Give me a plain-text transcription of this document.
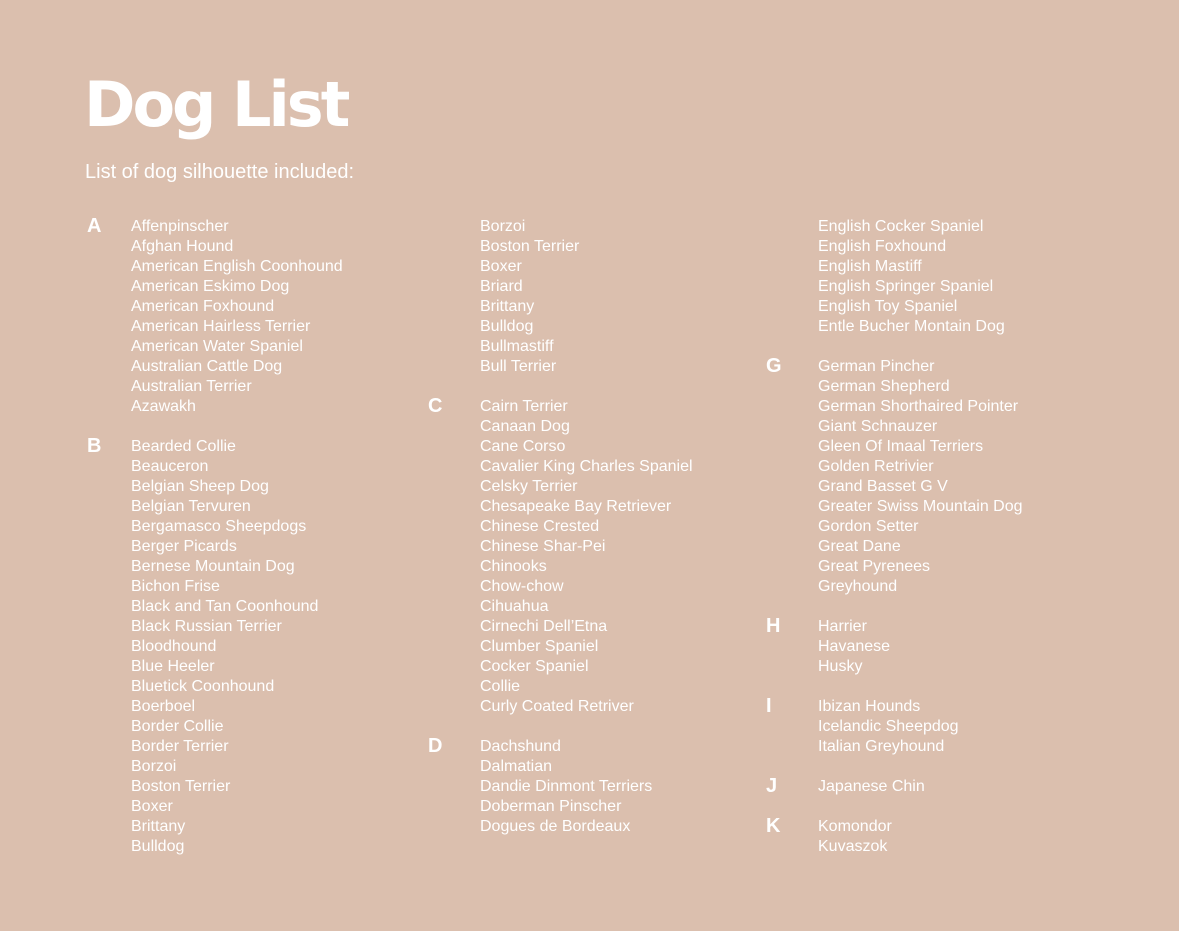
Dog List

List of dog silhouette included:

A Affenpinscher
Afghan Hound
American English Coonhound
American Eskimo Dog
American Foxhound
American Hairless Terrier
American Water Spaniel
Australian Cattle Dog
Australian Terrier
Azawakh
B Bearded Collie
Beauceron
Belgian Sheep Dog
Belgian Tervuren
Bergamasco Sheepdogs
Berger Picards
Bernese Mountain Dog
Bichon Frise
Black and Tan Coonhound
Black Russian Terrier
Bloodhound
Blue Heeler
Bluetick Coonhound
Boerboel
Border Collie
Border Terrier
Borzoi
Boston Terrier
Boxer
Brittany
Bulldog
Borzoi
Boston Terrier
Boxer
Briard
Brittany
Bulldog
Bullmastiff
Bull Terrier
C Cairn Terrier
Canaan Dog
Cane Corso
Cavalier King Charles Spaniel
Celsky Terrier
Chesapeake Bay Retriever
Chinese Crested
Chinese Shar-Pei
Chinooks
Chow-chow
Cihuahua
Cirnechi Dell’Etna
Clumber Spaniel
Cocker Spaniel
Collie
Curly Coated Retriver
D Dachshund
Dalmatian
Dandie Dinmont Terriers
Doberman Pinscher
Dogues de Bordeaux
English Cocker Spaniel
English Foxhound
English Mastiff
English Springer Spaniel
English Toy Spaniel
Entle Bucher Montain Dog
G German Pincher
German Shepherd
German Shorthaired Pointer
Giant Schnauzer
Gleen Of Imaal Terriers
Golden Retrivier
Grand Basset G V
Greater Swiss Mountain Dog
Gordon Setter
Great Dane
Great Pyrenees
Greyhound
H Harrier
Havanese
Husky
I	Ibizan Hounds
Icelandic Sheepdog
Italian Greyhound
J	Japanese Chin
K Komondor
Kuvaszok
